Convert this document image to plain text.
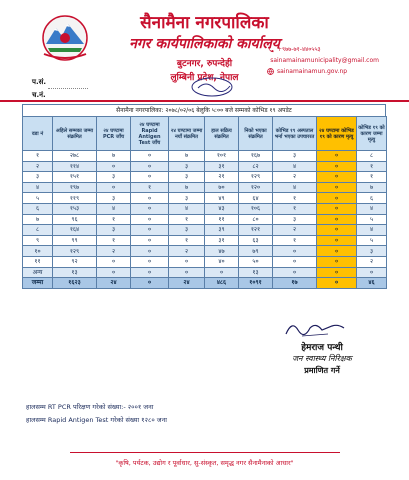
सैनामैना नगरपालिका
नगर कार्यपालिकाको कार्यालय
बुटनगर, रुपन्देही
लुम्बिनी प्रदेश, नेपाल
+९७७-७१-४४०५५३
sainamainamunicipality@gmail.com
sainamainamun.gov.np
प.सं.
च.नं.
सैनामैना नगरपालिका: २०७८/०२/०६ बेलुकि ५:०० बजे सम्मको कोभिड १९ अपडेट
वडा नं	अहिले सम्मका जम्मा संक्रमित	२४ घण्टामा PCR जाँच	२४ घण्टामा Rapid Antigen Test जाँच	२४ घण्टामा जम्मा नयाँ संक्रमित	हाल सक्रिय संक्रमित	निको भएका संक्रमित	कोभिड १९ अस्पताल भर्ना भएका उपचाररत	२४ घण्टामा कोभिड १९ को कारण मृत्यु	कोभिड १९ को कारण जम्मा मृत्यु
१	२७८	७	०	७	१०१	१६७	३	०	८
२	११४	०	०	३	३१	८२	४	०	१
३	१५१	३	०	३	२१	१२९	२	०	१
४	१९७	०	१	७	७०	१२०	४	०	७
५	११९	३	०	३	४९	६४	१	०	६
६	१५३	४	०	४	४३	१०६	१	०	४
७	९६	१	०	१	११	८०	३	०	५
८	१६४	३	०	३	३९	१२१	२	०	४
९	९९	१	०	१	३१	६३	१	०	५
१०	१२९	२	०	२	४७	७९	०	०	३
११	९२	०	०	०	४०	५०	०	०	२
अन्य	१३	०	०	०	०	१३	०	०	०
जम्मा	१६२३	२४	०	२४	४८६	१०९१	१७	०	४६
हालसम्म RT PCR परिक्षण गरेको संख्या:- २००१ जना
हालसम्म Rapid Antigen Test गरेको संख्या १२८० जना
हेमराज पन्थी
जन स्वास्थ्य निरिक्षक
प्रमाणित गर्ने
"कृषि, पर्यटक, उद्योग र पूर्वाधार, सु-संस्कृत, समृद्ध नगर सैनामैनाको आधार"
